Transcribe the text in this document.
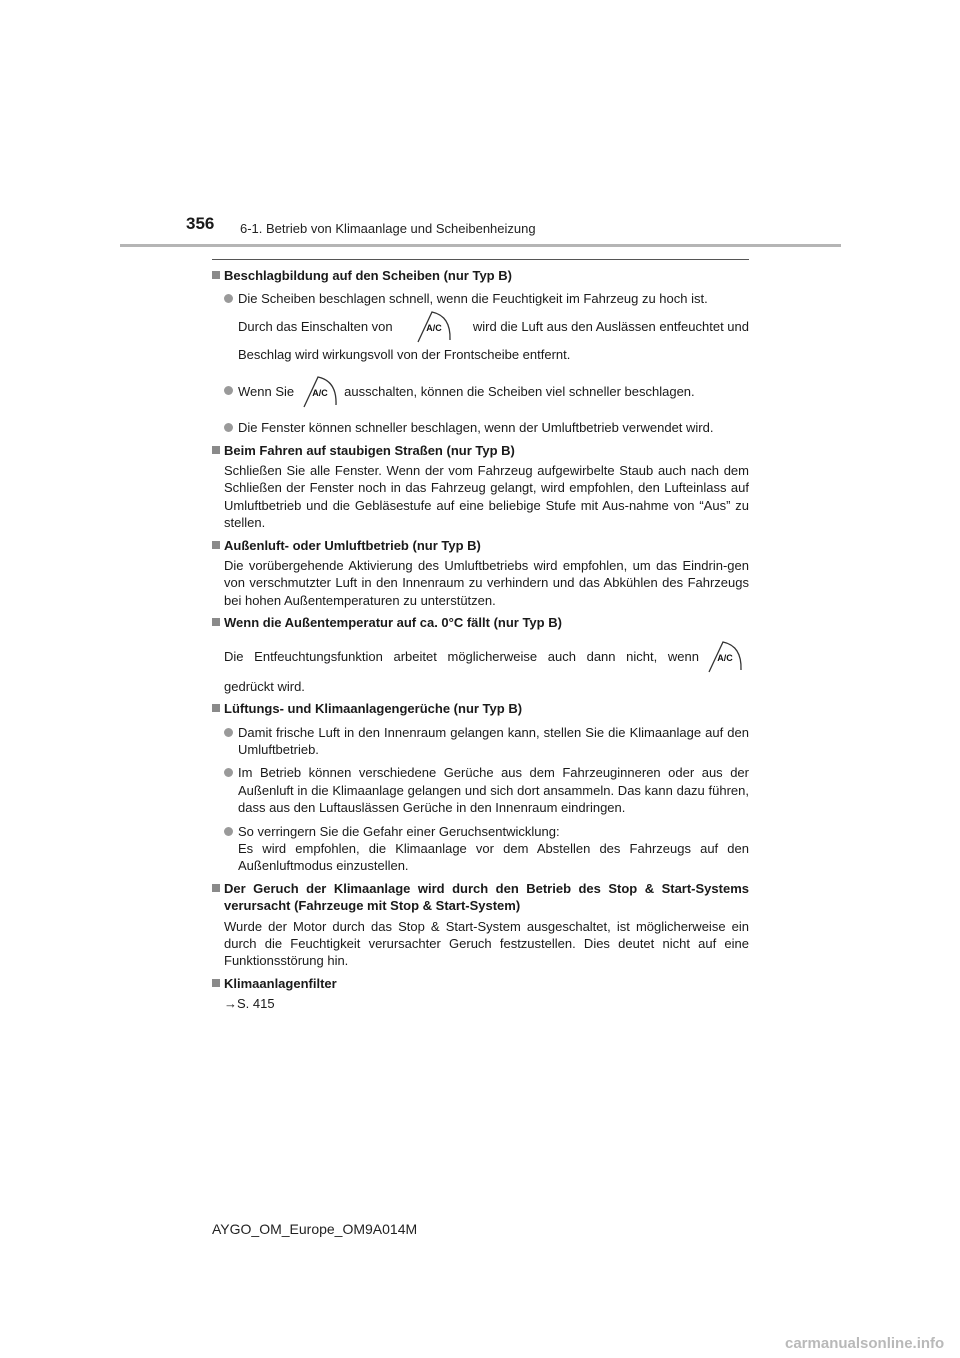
356 6-1. Betrieb von Klimaanlage und Scheibenheizung
Beschlagbildung auf den Scheiben (nur Typ B)
Die Scheiben beschlagen schnell, wenn die Feuchtigkeit im Fahrzeug zu hoch ist.
Durch das Einschalten von	A/C wird die Luft aus den Auslässen entfeuchtet und
Beschlag wird wirkungsvoll von der Frontscheibe entfernt.
Wenn Sie A/C ausschalten, können die Scheiben viel schneller beschlagen.
Die Fenster können schneller beschlagen, wenn der Umluftbetrieb verwendet wird.
Beim Fahren auf staubigen Straßen (nur Typ B)
Schließen Sie alle Fenster. Wenn der vom Fahrzeug aufgewirbelte Staub auch nach dem Schließen der Fenster noch in das Fahrzeug gelangt, wird empfohlen, den Lufteinlass auf Umluftbetrieb und die Gebläsestufe auf eine beliebige Stufe mit Aus-nahme von “Aus” zu stellen.
Außenluft- oder Umluftbetrieb (nur Typ B)
Die vorübergehende Aktivierung des Umluftbetriebs wird empfohlen, um das Eindrin-gen von verschmutzter Luft in den Innenraum zu verhindern und das Abkühlen des Fahrzeugs bei hohen Außentemperaturen zu unterstützen.
Wenn die Außentemperatur auf ca. 0°C fällt (nur Typ B)
Die Entfeuchtungsfunktion arbeitet möglicherweise auch dann nicht, wenn A/C
gedrückt wird.
Lüftungs- und Klimaanlagengerüche (nur Typ B)
Damit frische Luft in den Innenraum gelangen kann, stellen Sie die Klimaanlage auf den Umluftbetrieb.
Im Betrieb können verschiedene Gerüche aus dem Fahrzeuginneren oder aus der Außenluft in die Klimaanlage gelangen und sich dort ansammeln. Das kann dazu führen, dass aus den Luftauslässen Gerüche in den Innenraum eindringen.
So verringern Sie die Gefahr einer Geruchsentwicklung:
Es wird empfohlen, die Klimaanlage vor dem Abstellen des Fahrzeugs auf den Außenluftmodus einzustellen.
Der Geruch der Klimaanlage wird durch den Betrieb des Stop & Start-Systems verursacht (Fahrzeuge mit Stop & Start-System)
Wurde der Motor durch das Stop & Start-System ausgeschaltet, ist möglicherweise ein durch die Feuchtigkeit verursachter Geruch festzustellen. Dies deutet nicht auf eine Funktionsstörung hin.
Klimaanlagenfilter
→S. 415
AYGO_OM_Europe_OM9A014M
carmanualsonline.info
